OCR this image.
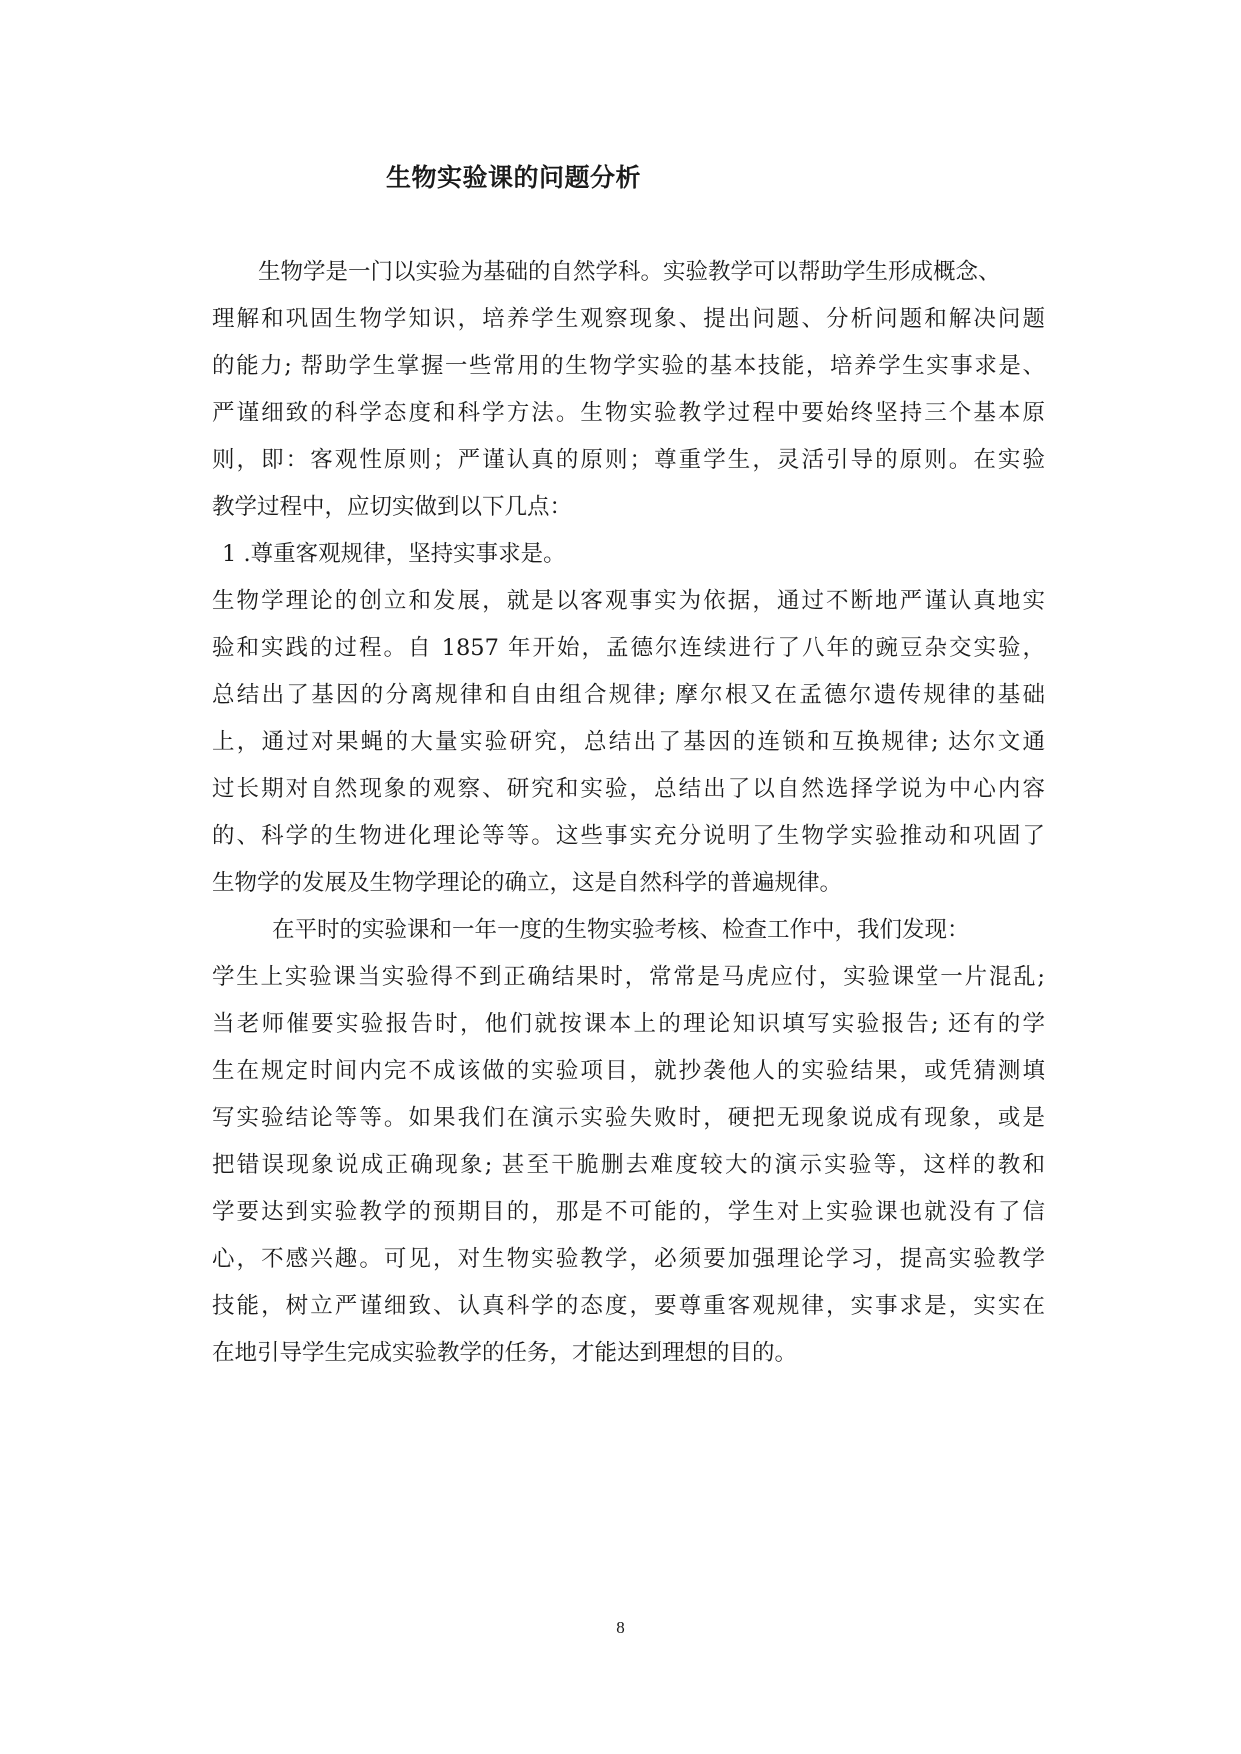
生物实验课的问题分析
生物学是一门以实验为基础的自然学科。实验教学可以帮助学生形成概念、
理解和巩固生物学知识，培养学生观察现象、提出问题、分析问题和解决问题
的能力; 帮助学生掌握一些常用的生物学实验的基本技能，培养学生实事求是、
严谨细致的科学态度和科学方法。生物实验教学过程中要始终坚持三个基本原
则，即：客观性原则；严谨认真的原则；尊重学生，灵活引导的原则。在实验
教学过程中，应切实做到以下几点：
1 .尊重客观规律，坚持实事求是。
生物学理论的创立和发展，就是以客观事实为依据，通过不断地严谨认真地实
验和实践的过程。自 1857 年开始，孟德尔连续进行了八年的豌豆杂交实验，
总结出了基因的分离规律和自由组合规律; 摩尔根又在孟德尔遗传规律的基础
上，通过对果蝇的大量实验研究，总结出了基因的连锁和互换规律; 达尔文通
过长期对自然现象的观察、研究和实验，总结出了以自然选择学说为中心内容
的、科学的生物进化理论等等。这些事实充分说明了生物学实验推动和巩固了
生物学的发展及生物学理论的确立，这是自然科学的普遍规律。
在平时的实验课和一年一度的生物实验考核、检查工作中，我们发现：
学生上实验课当实验得不到正确结果时，常常是马虎应付，实验课堂一片混乱;
当老师催要实验报告时，他们就按课本上的理论知识填写实验报告; 还有的学
生在规定时间内完不成该做的实验项目，就抄袭他人的实验结果，或凭猜测填
写实验结论等等。如果我们在演示实验失败时，硬把无现象说成有现象，或是
把错误现象说成正确现象; 甚至干脆删去难度较大的演示实验等，这样的教和
学要达到实验教学的预期目的，那是不可能的，学生对上实验课也就没有了信
心，不感兴趣。可见，对生物实验教学，必须要加强理论学习，提高实验教学
技能，树立严谨细致、认真科学的态度，要尊重客观规律，实事求是，实实在
在地引导学生完成实验教学的任务，才能达到理想的目的。
8
